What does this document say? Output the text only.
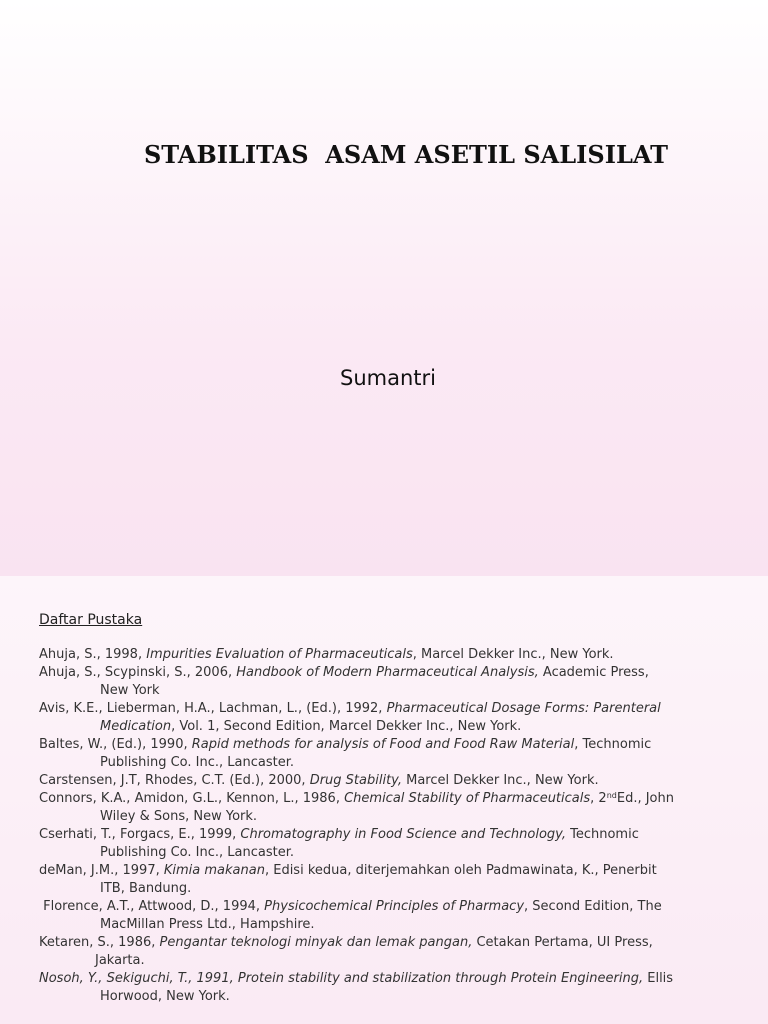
STABILITAS  ASAM ASETIL SALISILAT
Sumantri
Daftar Pustaka
Ahuja, S., 1998, Impurities Evaluation of Pharmaceuticals, Marcel Dekker Inc., New York.
Ahuja, S., Scypinski, S., 2006, Handbook of Modern Pharmaceutical Analysis, Academic Press,
New York
Avis, K.E., Lieberman, H.A., Lachman, L., (Ed.), 1992, Pharmaceutical Dosage Forms: Parenteral
Medication, Vol. 1, Second Edition, Marcel Dekker Inc., New York.
Baltes, W., (Ed.), 1990, Rapid methods for analysis of Food and Food Raw Material, Technomic
Publishing Co. Inc., Lancaster.
Carstensen, J.T, Rhodes, C.T. (Ed.), 2000, Drug Stability, Marcel Dekker Inc., New York.
Connors, K.A., Amidon, G.L., Kennon, L., 1986, Chemical Stability of Pharmaceuticals, 2ndEd., John
Wiley & Sons, New York.
Cserhati, T., Forgacs, E., 1999, Chromatography in Food Science and Technology, Technomic
Publishing Co. Inc., Lancaster.
deMan, J.M., 1997, Kimia makanan, Edisi kedua, diterjemahkan oleh Padmawinata, K., Penerbit
ITB, Bandung.
Florence, A.T., Attwood, D., 1994, Physicochemical Principles of Pharmacy, Second Edition, The
MacMillan Press Ltd., Hampshire.
Ketaren, S., 1986, Pengantar teknologi minyak dan lemak pangan, Cetakan Pertama, UI Press,
Jakarta.
Nosoh, Y., Sekiguchi, T., 1991, Protein stability and stabilization through Protein Engineering, Ellis
Horwood, New York.
